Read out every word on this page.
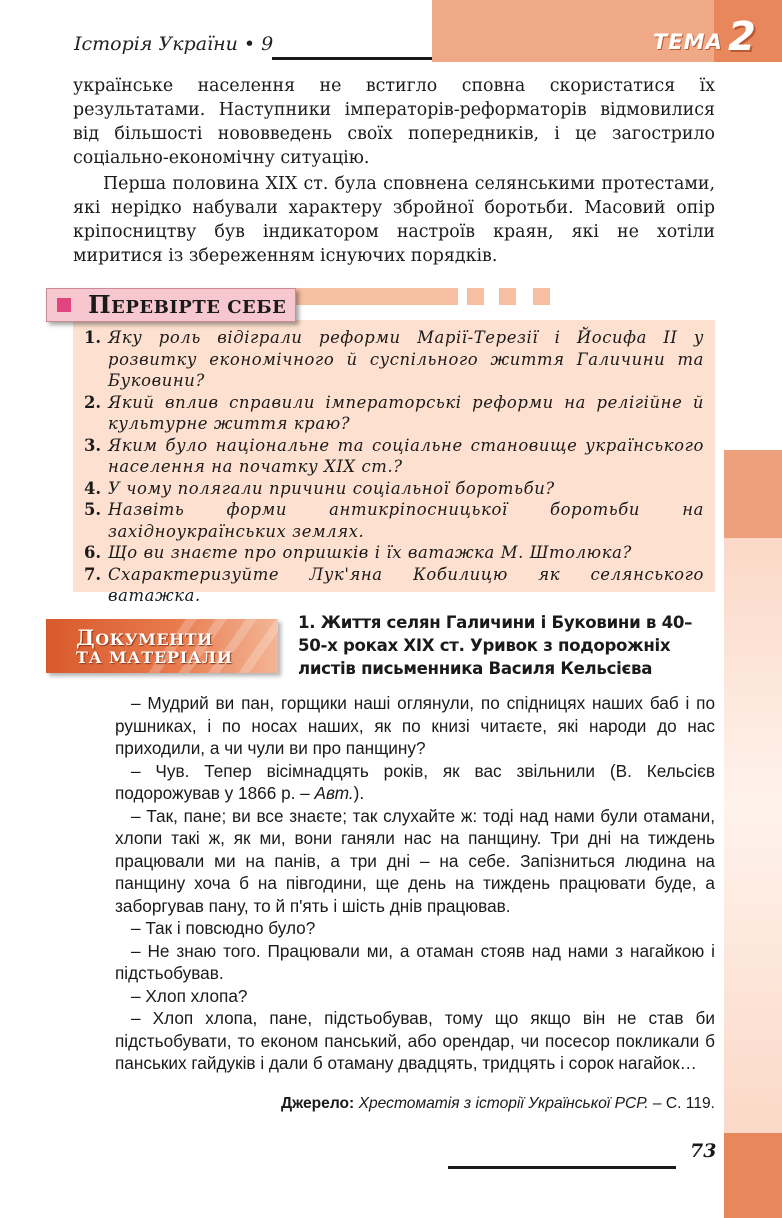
Історія України • 9	ТЕМА 2

українське населення не встигло сповна скористатися їх результатами. Наступники імператорів-реформаторів відмовилися від більшості нововведень своїх попередників, і це загострило соціально-економічну ситуацію.

Перша половина ХІХ ст. була сповнена селянськими протестами, які нерідко набували характеру збройної боротьби. Масовий опір кріпосництву був індикатором настроїв краян, які не хотіли миритися із збереженням існуючих порядків.

ПЕРЕВІРТЕ СЕБЕ
1. Яку роль відіграли реформи Марії-Терезії і Йосифа ІІ у розвитку економічного й суспільного життя Галичини та Буковини?
2. Який вплив справили імператорські реформи на релігійне й культурне життя краю?
3. Яким було національне та соціальне становище українського населення на початку ХІХ ст.?
4. У чому полягали причини соціальної боротьби?
5. Назвіть форми антикріпосницької боротьби на західноукраїнських землях.
6. Що ви знаєте про опришків і їх ватажка М. Штолюка?
7. Схарактеризуйте Лук'яна Кобилицю як селянського ватажка.
ДОКУМЕНТИ
ТА МАТЕРІАЛИ

1. Життя селян Галичини і Буковини в 40–50-х роках ХІХ ст. Уривок з подорожніх листів письменника Василя Кельсієва

– Мудрий ви пан, горщики наші оглянули, по спідницях наших баб і по рушниках, і по носах наших, як по книзі читаєте, які народи до нас приходили, а чи чули ви про панщину?

– Чув. Тепер вісімнадцять років, як вас звільнили (В. Кельсієв подорожував у 1866 р. – Авт.).

– Так, пане; ви все знаєте; так слухайте ж: тоді над нами були отамани, хлопи такі ж, як ми, вони ганяли нас на панщину. Три дні на тиждень працювали ми на панів, а три дні – на себе. Запізниться людина на панщину хоча б на півгодини, ще день на тиждень працювати буде, а заборгував пану, то й п'ять і шість днів працював.

– Так і повсюдно було?

– Не знаю того. Працювали ми, а отаман стояв над нами з нагайкою і підстьобував.

– Хлоп хлопа?

– Хлоп хлопа, пане, підстьобував, тому що якщо він не став би підстьобувати, то економ панський, або орендар, чи посесор покликали б панських гайдуків і дали б отаману двадцять, тридцять і сорок нагайок…

Джерело: Хрестоматія з історії Української РСР. – С. 119.
73
